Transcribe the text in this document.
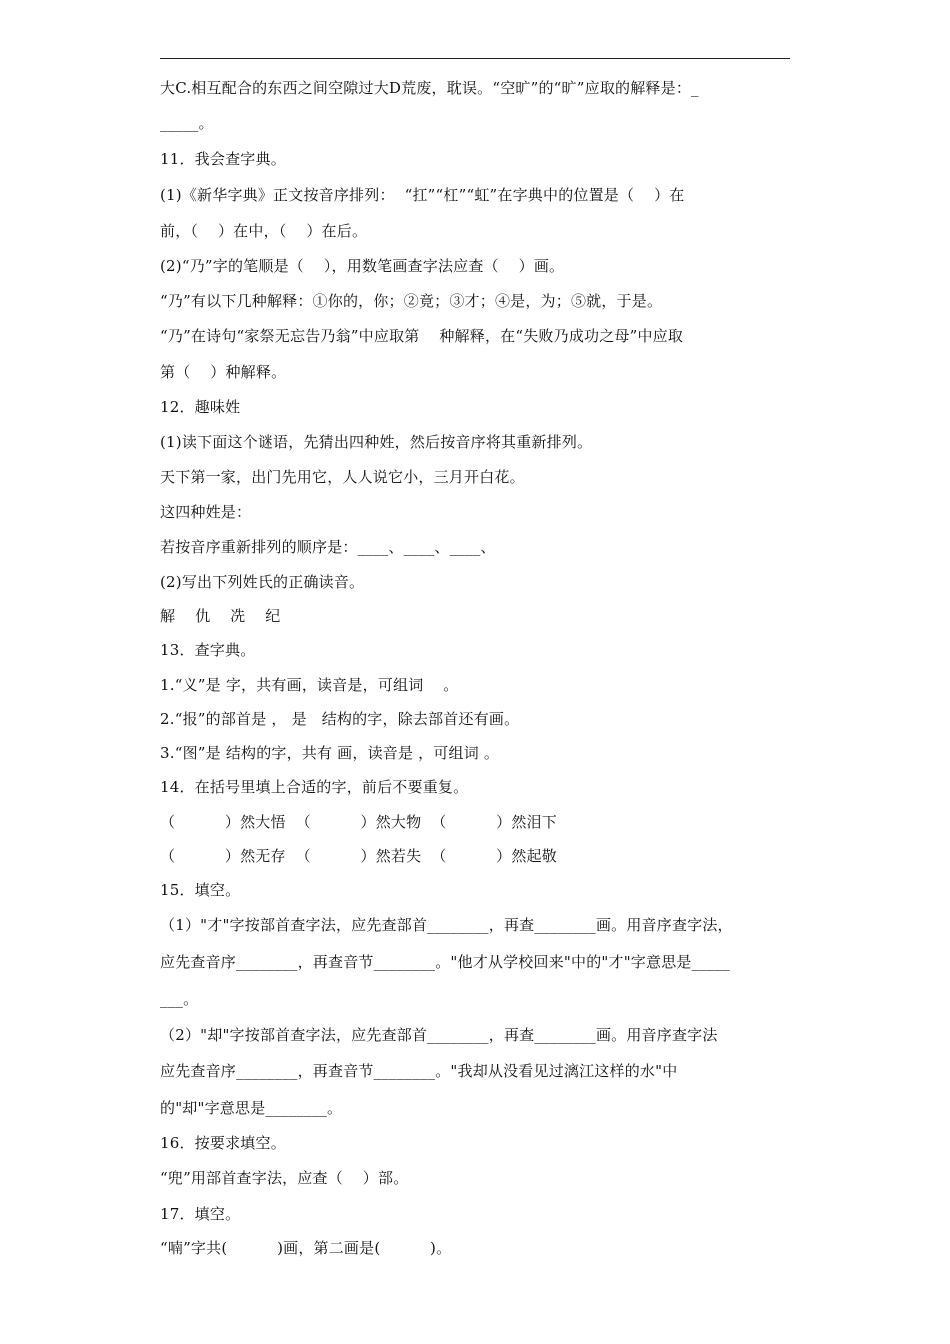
大C.相互配合的东西之间空隙过大D荒废，耽误。“空旷”的“旷”应取的解释是：_
_____。
11．我会查字典。
(1)《新华字典》正文按音序排列：  “扛”“杠”“虹”在字典中的位置是（    ）在
前，（    ）在中，（    ）在后。
(2)“乃”字的笔顺是（    ），用数笔画查字法应查（    ）画。
“乃”有以下几种解释：①你的，你；②竟；③才；④是，为；⑤就，于是。
“乃”在诗句“家祭无忘告乃翁”中应取第    种解释，在“失败乃成功之母”中应取
第（    ）种解释。
12．趣味姓
(1)读下面这个谜语，先猜出四种姓，然后按音序将其重新排列。
天下第一家，出门先用它，人人说它小，三月开白花。
这四种姓是：
若按音序重新排列的顺序是：____、____、____、
(2)写出下列姓氏的正确读音。
解    仇    冼    纪
13．查字典。
1.“义”是 字，共有画，读音是，可组词    。
2.“报”的部首是 ， 是   结构的字，除去部首还有画。
3.“图”是 结构的字，共有 画，读音是 ，可组词 。
14．在括号里填上合适的字，前后不要重复。
（          ）然大悟  （          ）然大物  （          ）然泪下
（          ）然无存  （          ）然若失  （          ）然起敬
15．填空。
（1）"才"字按部首查字法，应先查部首________，再查________画。用音序查字法，
应先查音序________，再查音节________。"他才从学校回来"中的"才"字意思是_____
___。
（2）"却"字按部首查字法，应先查部首________，再查________画。用音序查字法
应先查音序________，再查音节________。"我却从没看见过漓江这样的水"中
的"却"字意思是________。
16．按要求填空。
“兜”用部首查字法，应查（    ）部。
17．填空。
“喃”字共(          )画，第二画是(          )。
